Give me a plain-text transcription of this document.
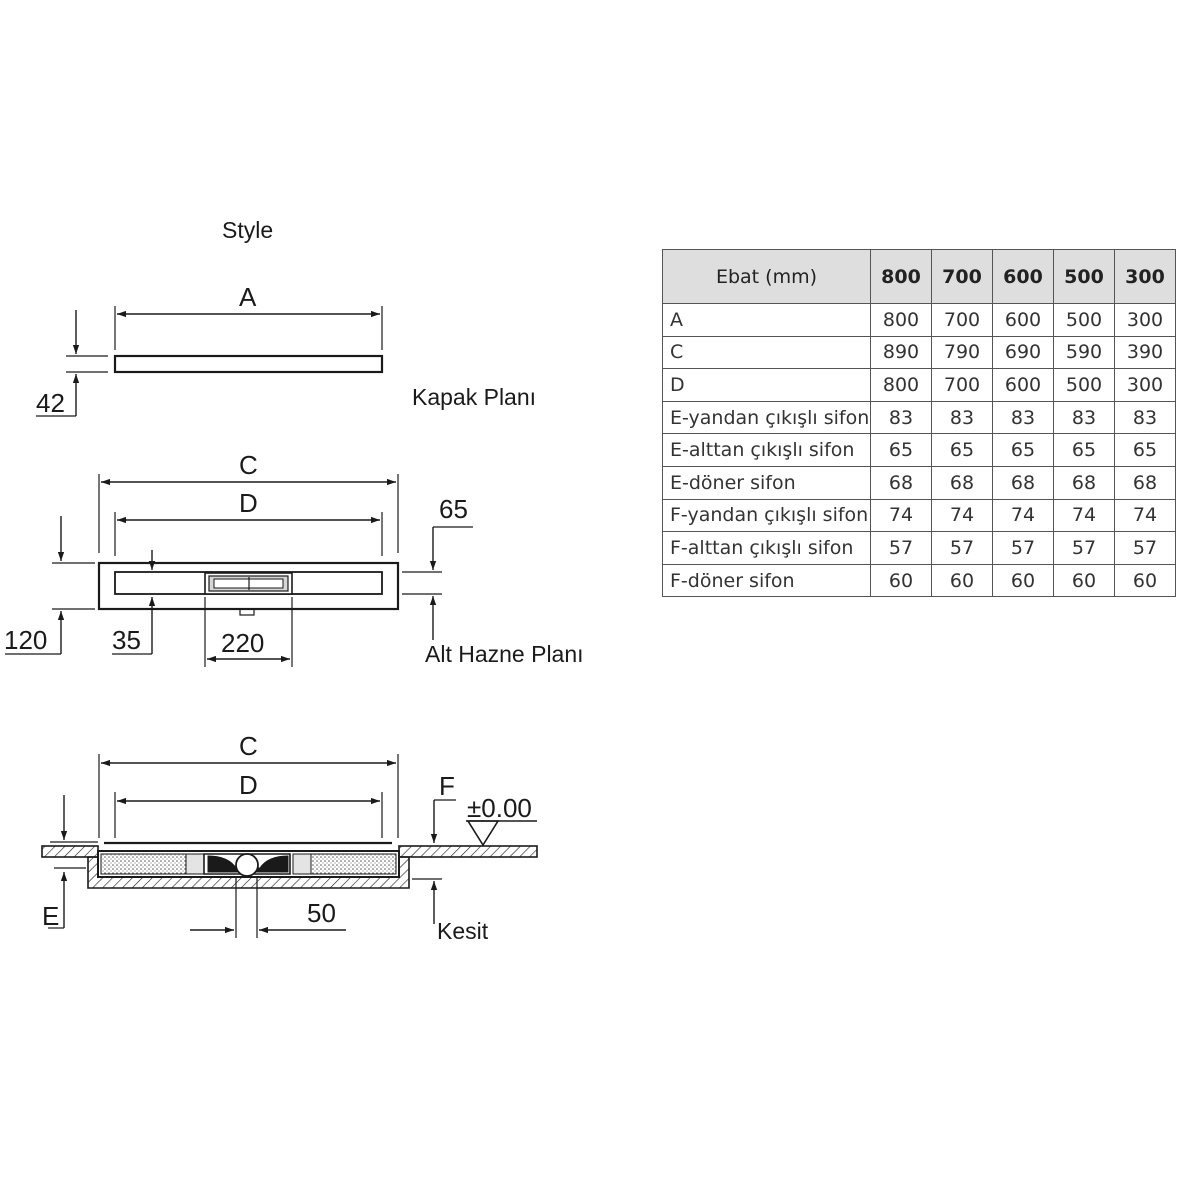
Style
A
42	Kapak Planı
C
D	65
120 35	220	Alt Hazne Planı
C
D	F
±0.00
E	50
Kesit
Ebat (mm)	800	700	600	500	300
A	800	700	600	500	300
C	890	790	690	590	390
D	800	700	600	500	300
E-yandan çıkışlı sifon	83	83	83	83	83
E-alttan çıkışlı sifon	65	65	65	65	65
E-döner sifon	68	68	68	68	68
F-yandan çıkışlı sifon	74	74	74	74	74
F-alttan çıkışlı sifon	57	57	57	57	57
F-döner sifon	60	60	60	60	60
